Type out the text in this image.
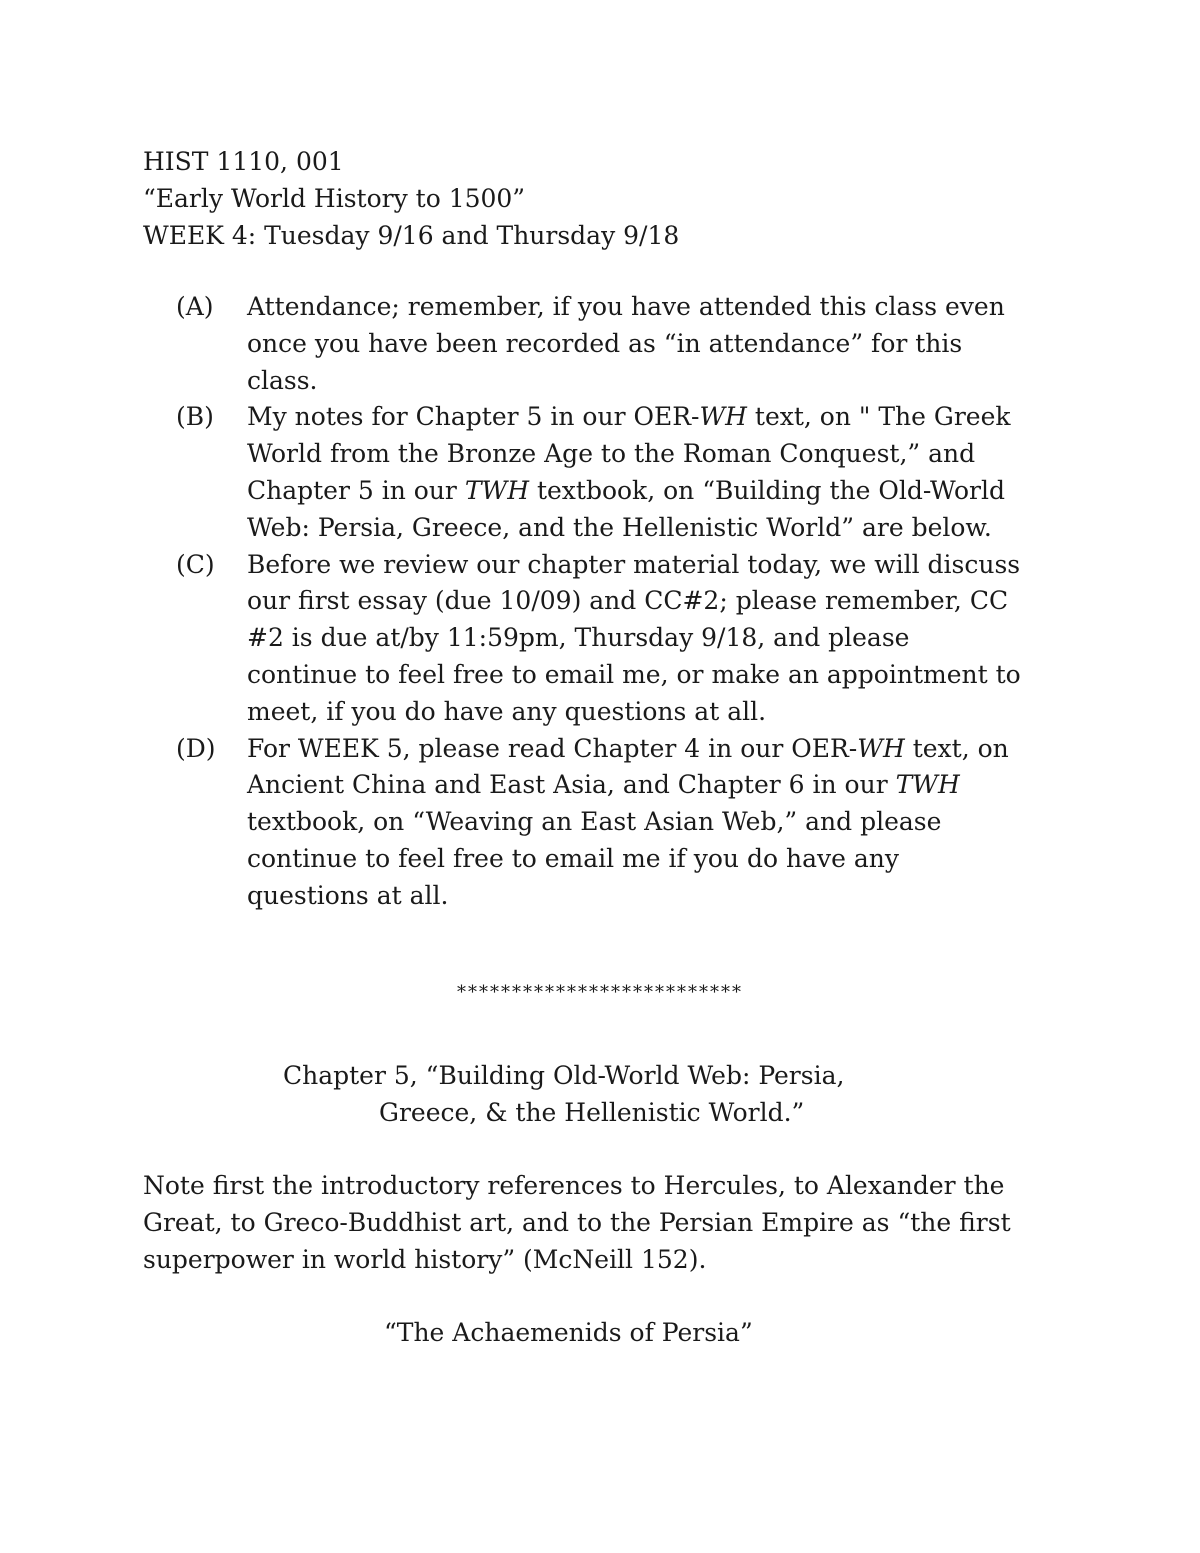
HIST 1110, 001
“Early World History to 1500”
WEEK 4: Tuesday 9/16 and Thursday 9/18
(A) Attendance; remember, if you have attended this class even
once you have been recorded as “in attendance” for this
class.
(B) My notes for Chapter 5 in our OER-WH text, on " The Greek
World from the Bronze Age to the Roman Conquest,” and
Chapter 5 in our TWH textbook, on “Building the Old-World
Web: Persia, Greece, and the Hellenistic World” are below.
(C) Before we review our chapter material today, we will discuss
our first essay (due 10/09) and CC#2; please remember, CC
#2 is due at/by 11:59pm, Thursday 9/18, and please
continue to feel free to email me, or make an appointment to
meet, if you do have any questions at all.
(D) For WEEK 5, please read Chapter 4 in our OER-WH text, on
Ancient China and East Asia, and Chapter 6 in our TWH
textbook, on “Weaving an East Asian Web,” and please
continue to feel free to email me if you do have any
questions at all.
**************************
Chapter 5, “Building Old-World Web: Persia,
Greece, & the Hellenistic World.”
Note first the introductory references to Hercules, to Alexander the
Great, to Greco-Buddhist art, and to the Persian Empire as “the first
superpower in world history” (McNeill 152).
“The Achaemenids of Persia”
